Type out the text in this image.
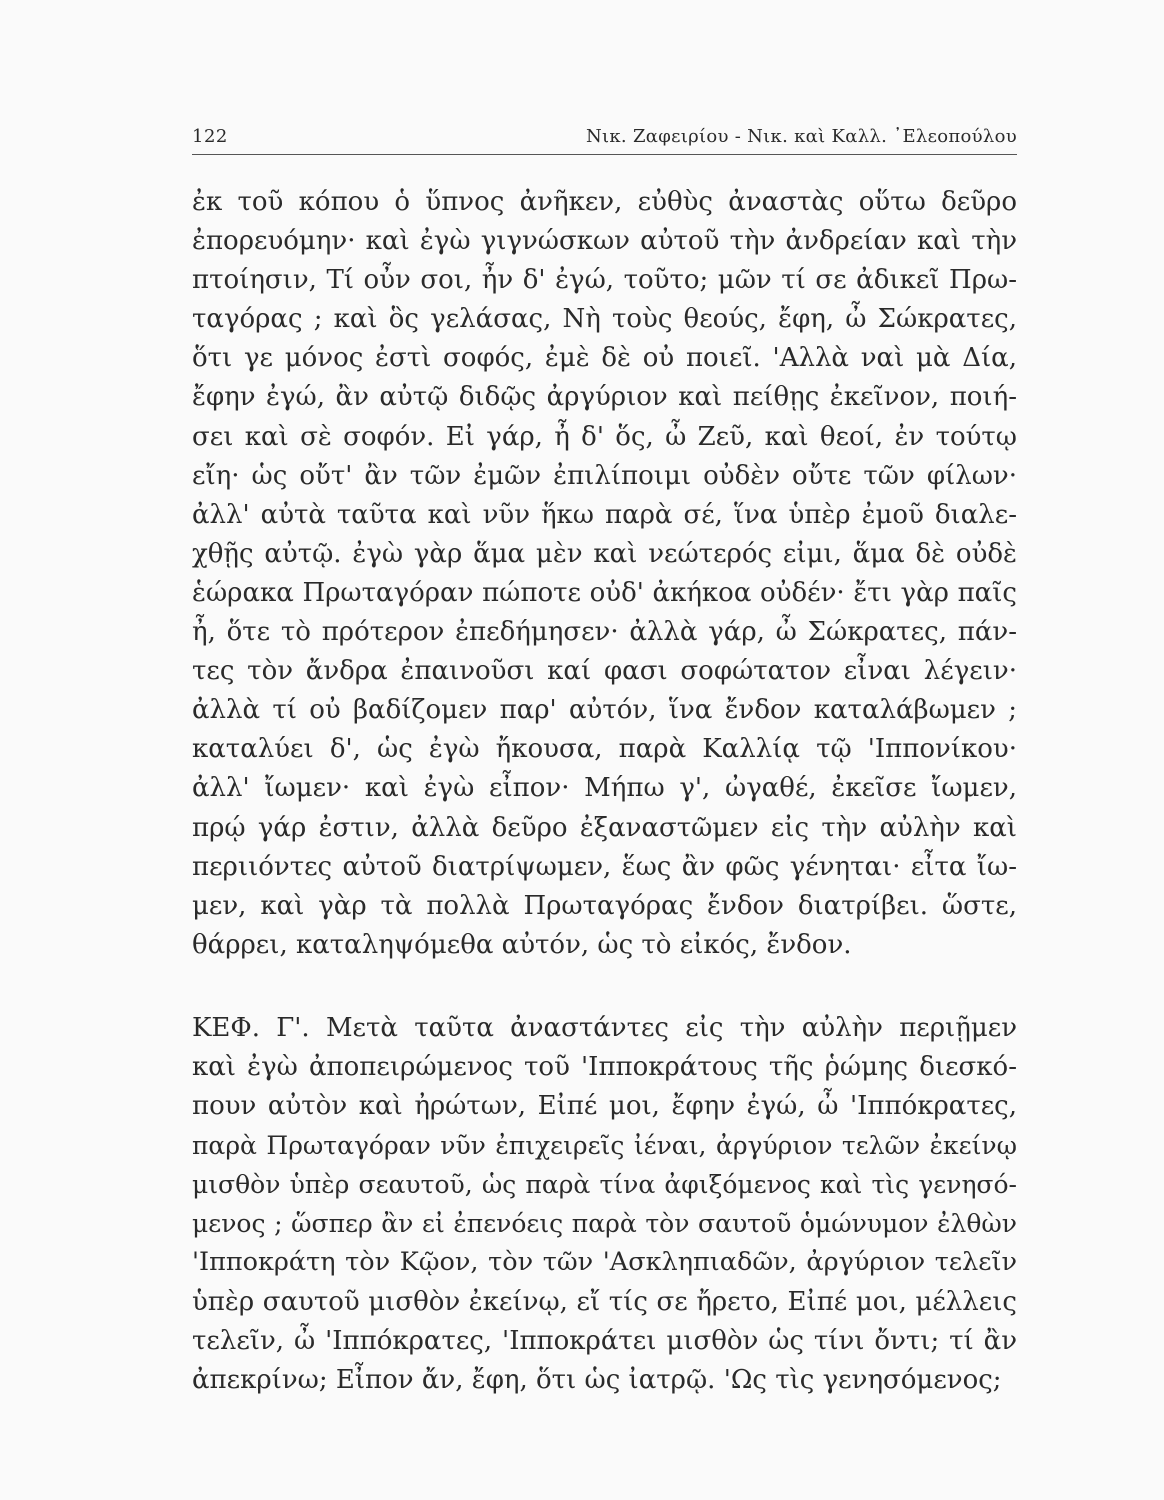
122	Νικ. Ζαφειρίου - Νικ. καὶ Καλλ. ᾿Ελεοπούλου
ἐκ τοῦ κόπου ὁ ὕπνος ἀνῆκεν, εὐθὺς ἀναστὰς οὕτω δεῦρο
ἐπορευόμην· καὶ ἐγὼ γιγνώσκων αὐτοῦ τὴν ἀνδρείαν καὶ τὴν
πτοίησιν, Τί οὖν σοι, ἦν δ' ἐγώ, τοῦτο; μῶν τί σε ἀδικεῖ Πρω-
ταγόρας ; καὶ ὃς γελάσας, Νὴ τοὺς θεούς, ἔφη, ὦ Σώκρατες,
ὅτι γε μόνος ἐστὶ σοφός, ἐμὲ δὲ οὐ ποιεῖ. 'Αλλὰ ναὶ μὰ Δία,
ἔφην ἐγώ, ἂν αὐτῷ διδῷς ἀργύριον καὶ πείθῃς ἐκεῖνον, ποιή-
σει καὶ σὲ σοφόν. Εἰ γάρ, ἦ δ' ὅς, ὦ Ζεῦ, καὶ θεοί, ἐν τούτῳ
εἴη· ὡς οὔτ' ἂν τῶν ἐμῶν ἐπιλίποιμι οὐδὲν οὔτε τῶν φίλων·
ἀλλ' αὐτὰ ταῦτα καὶ νῦν ἥκω παρὰ σέ, ἵνα ὑπὲρ ἐμοῦ διαλε-
χθῇς αὐτῷ. ἐγὼ γὰρ ἅμα μὲν καὶ νεώτερός εἰμι, ἅμα δὲ οὐδὲ
ἑώρακα Πρωταγόραν πώποτε οὐδ' ἀκήκοα οὐδέν· ἔτι γὰρ παῖς
ἦ, ὅτε τὸ πρότερον ἐπεδήμησεν· ἀλλὰ γάρ, ὦ Σώκρατες, πάν-
τες τὸν ἄνδρα ἐπαινοῦσι καί φασι σοφώτατον εἶναι λέγειν·
ἀλλὰ τί οὐ βαδίζομεν παρ' αὐτόν, ἵνα ἔνδον καταλάβωμεν ;
καταλύει δ', ὡς ἐγὼ ἤκουσα, παρὰ Καλλίᾳ τῷ 'Ιππονίκου·
ἀλλ' ἴωμεν· καὶ ἐγὼ εἶπον· Μήπω γ', ὠγαθέ, ἐκεῖσε ἴωμεν,
πρῴ γάρ ἐστιν, ἀλλὰ δεῦρο ἐξαναστῶμεν εἰς τὴν αὐλὴν καὶ
περιιόντες αὐτοῦ διατρίψωμεν, ἕως ἂν φῶς γένηται· εἶτα ἴω-
μεν, καὶ γὰρ τὰ πολλὰ Πρωταγόρας ἔνδον διατρίβει. ὥστε,
θάρρει, καταληψόμεθα αὐτόν, ὡς τὸ εἰκός, ἔνδον.
ΚΕΦ. Γ'. Μετὰ ταῦτα ἀναστάντες εἰς τὴν αὐλὴν περιῇμεν
καὶ ἐγὼ ἀποπειρώμενος τοῦ 'Ιπποκράτους τῆς ῥώμης διεσκό-
πουν αὐτὸν καὶ ἠρώτων, Εἰπέ μοι, ἔφην ἐγώ, ὦ 'Ιππόκρατες,
παρὰ Πρωταγόραν νῦν ἐπιχειρεῖς ἰέναι, ἀργύριον τελῶν ἐκείνῳ
μισθὸν ὑπὲρ σεαυτοῦ, ὡς παρὰ τίνα ἀφιξόμενος καὶ τὶς γενησό-
μενος ; ὥσπερ ἂν εἰ ἐπενόεις παρὰ τὸν σαυτοῦ ὁμώνυμον ἐλθὼν
'Ιπποκράτη τὸν Κῷον, τὸν τῶν 'Ασκληπιαδῶν, ἀργύριον τελεῖν
ὑπὲρ σαυτοῦ μισθὸν ἐκείνῳ, εἴ τίς σε ἤρετο, Εἰπέ μοι, μέλλεις
τελεῖν, ὦ 'Ιππόκρατες, 'Ιπποκράτει μισθὸν ὡς τίνι ὄντι; τί ἂν
ἀπεκρίνω; Εἶπον ἄν, ἔφη, ὅτι ὡς ἰατρῷ. 'Ως τὶς γενησόμενος;
